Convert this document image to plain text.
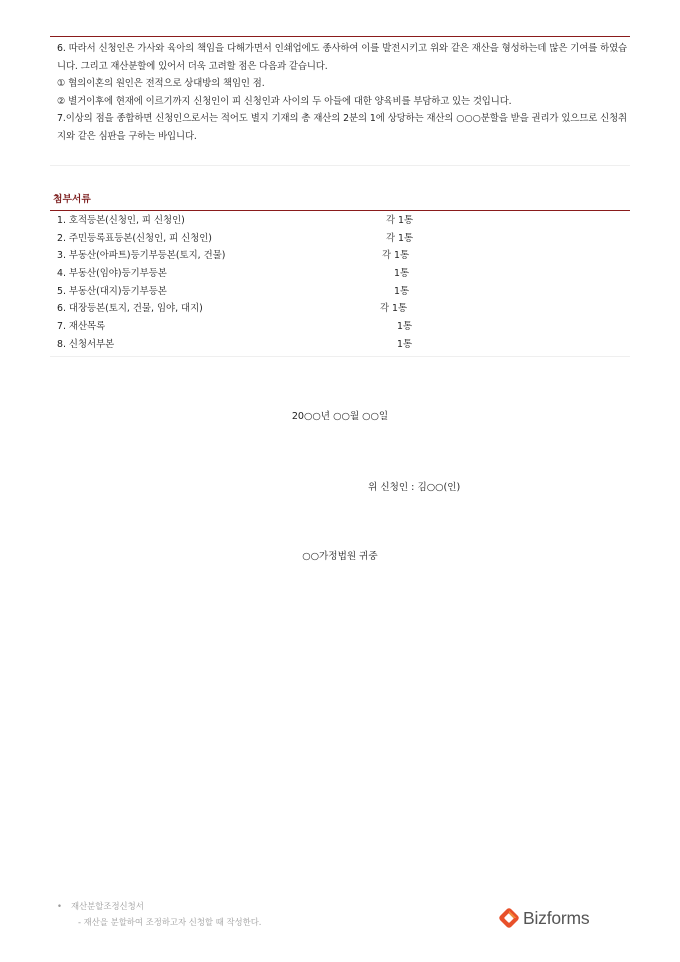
6. 따라서 신청인은 가사와 육아의 책임을 다해가면서 인쇄업에도 종사하여 이를 발전시키고 위와 같은 재산을 형성하는데 많은 기여를 하였습니다. 그리고 재산분할에 있어서 더욱 고려할 점은 다음과 같습니다.

① 협의이혼의 원인은 전적으로 상대방의 책임인 점.

② 별거이후에 현재에 이르기까지 신청인이 피 신청인과 사이의 두 아들에 대한 양육비를 부담하고 있는 것입니다.

7.이상의 점을 종합하면 신청인으로서는 적어도 별지 기재의 총 재산의 2분의 1에 상당하는 재산의 ○○○분할을 받을 권리가 있으므로 신청취지와 같은 심판을 구하는 바입니다.

첨부서류
1. 호적등본(신청인, 피 신청인)	각 1통
2. 주민등록표등본(신청인, 피 신청인)	각 1통
3. 부동산(아파트)등기부등본(토지, 건물)	각 1통
4. 부동산(임야)등기부등본	1통
5. 부동산(대지)등기부등본	1통
6. 대장등본(토지, 건물, 임야, 대지)	각 1통
7. 재산목록	1통
8. 신청서부본	1통
20○○년 ○○월 ○○일
위 신청인 : 김○○(인)
○○가정법원 귀중
• 재산분할조정신청서
- 재산을 분할하여 조정하고자 신청할 때 작성한다.	Bizforms
